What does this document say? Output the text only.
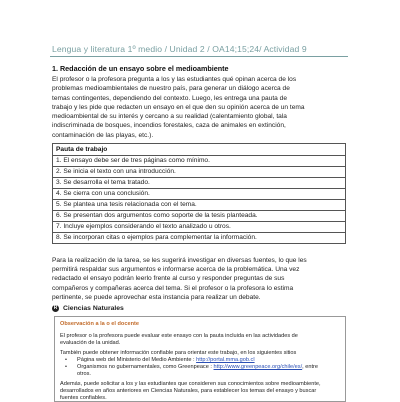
Lengua y literatura 1º medio / Unidad 2 / OA14;15;24/ Actividad 9
1. Redacción de un ensayo sobre el medioambiente
El profesor o la profesora pregunta a los y las estudiantes qué opinan acerca de los
problemas medioambientales de nuestro país, para generar un diálogo acerca de
temas contingentes, dependiendo del contexto. Luego, les entrega una pauta de
trabajo y les pide que redacten un ensayo en el que den su opinión acerca de un tema
medioambiental de su interés y cercano a su realidad (calentamiento global, tala
indiscriminada de bosques, incendios forestales, caza de animales en extinción,
contaminación de las playas, etc.).
Pauta de trabajo
1. El ensayo debe ser de tres páginas como mínimo.
2. Se inicia el texto con una introducción.
3. Se desarrolla el tema tratado.
4. Se cierra con una conclusión.
5. Se plantea una tesis relacionada con el tema.
6. Se presentan dos argumentos como soporte de la tesis planteada.
7. Incluye ejemplos considerando el texto analizado u otros.
8. Se incorporan citas o ejemplos para complementar la información.
Para la realización de la tarea, se les sugerirá investigar en diversas fuentes, lo que les
permitirá respaldar sus argumentos e informarse acerca de la problemática. Una vez
redactado el ensayo podrán leerlo frente al curso y responder preguntas de sus
compañeros y compañeras acerca del tema. Si el profesor o la profesora lo estima
pertinente, se puede aprovechar esta instancia para realizar un debate.
R Ciencias Naturales
Observación a la o el docente
El profesor o la profesora puede evaluar este ensayo con la pauta incluida en las actividades de
evaluación de la unidad.
También puede obtener información confiable para orientar este trabajo, en los siguientes sitios
• Página web del Ministerio del Medio Ambiente : http://portal.mma.gob.cl
• Organismos no gubernamentales, como Greenpeace : http://www.greenpeace.org/chile/es/, entre
otros.
Además, puede solicitar a los y las estudiantes que consideren sus conocimientos sobre medioambiente,
desarrollados en años anteriores en Ciencias Naturales, para establecer los temas del ensayo y buscar
fuentes confiables.
